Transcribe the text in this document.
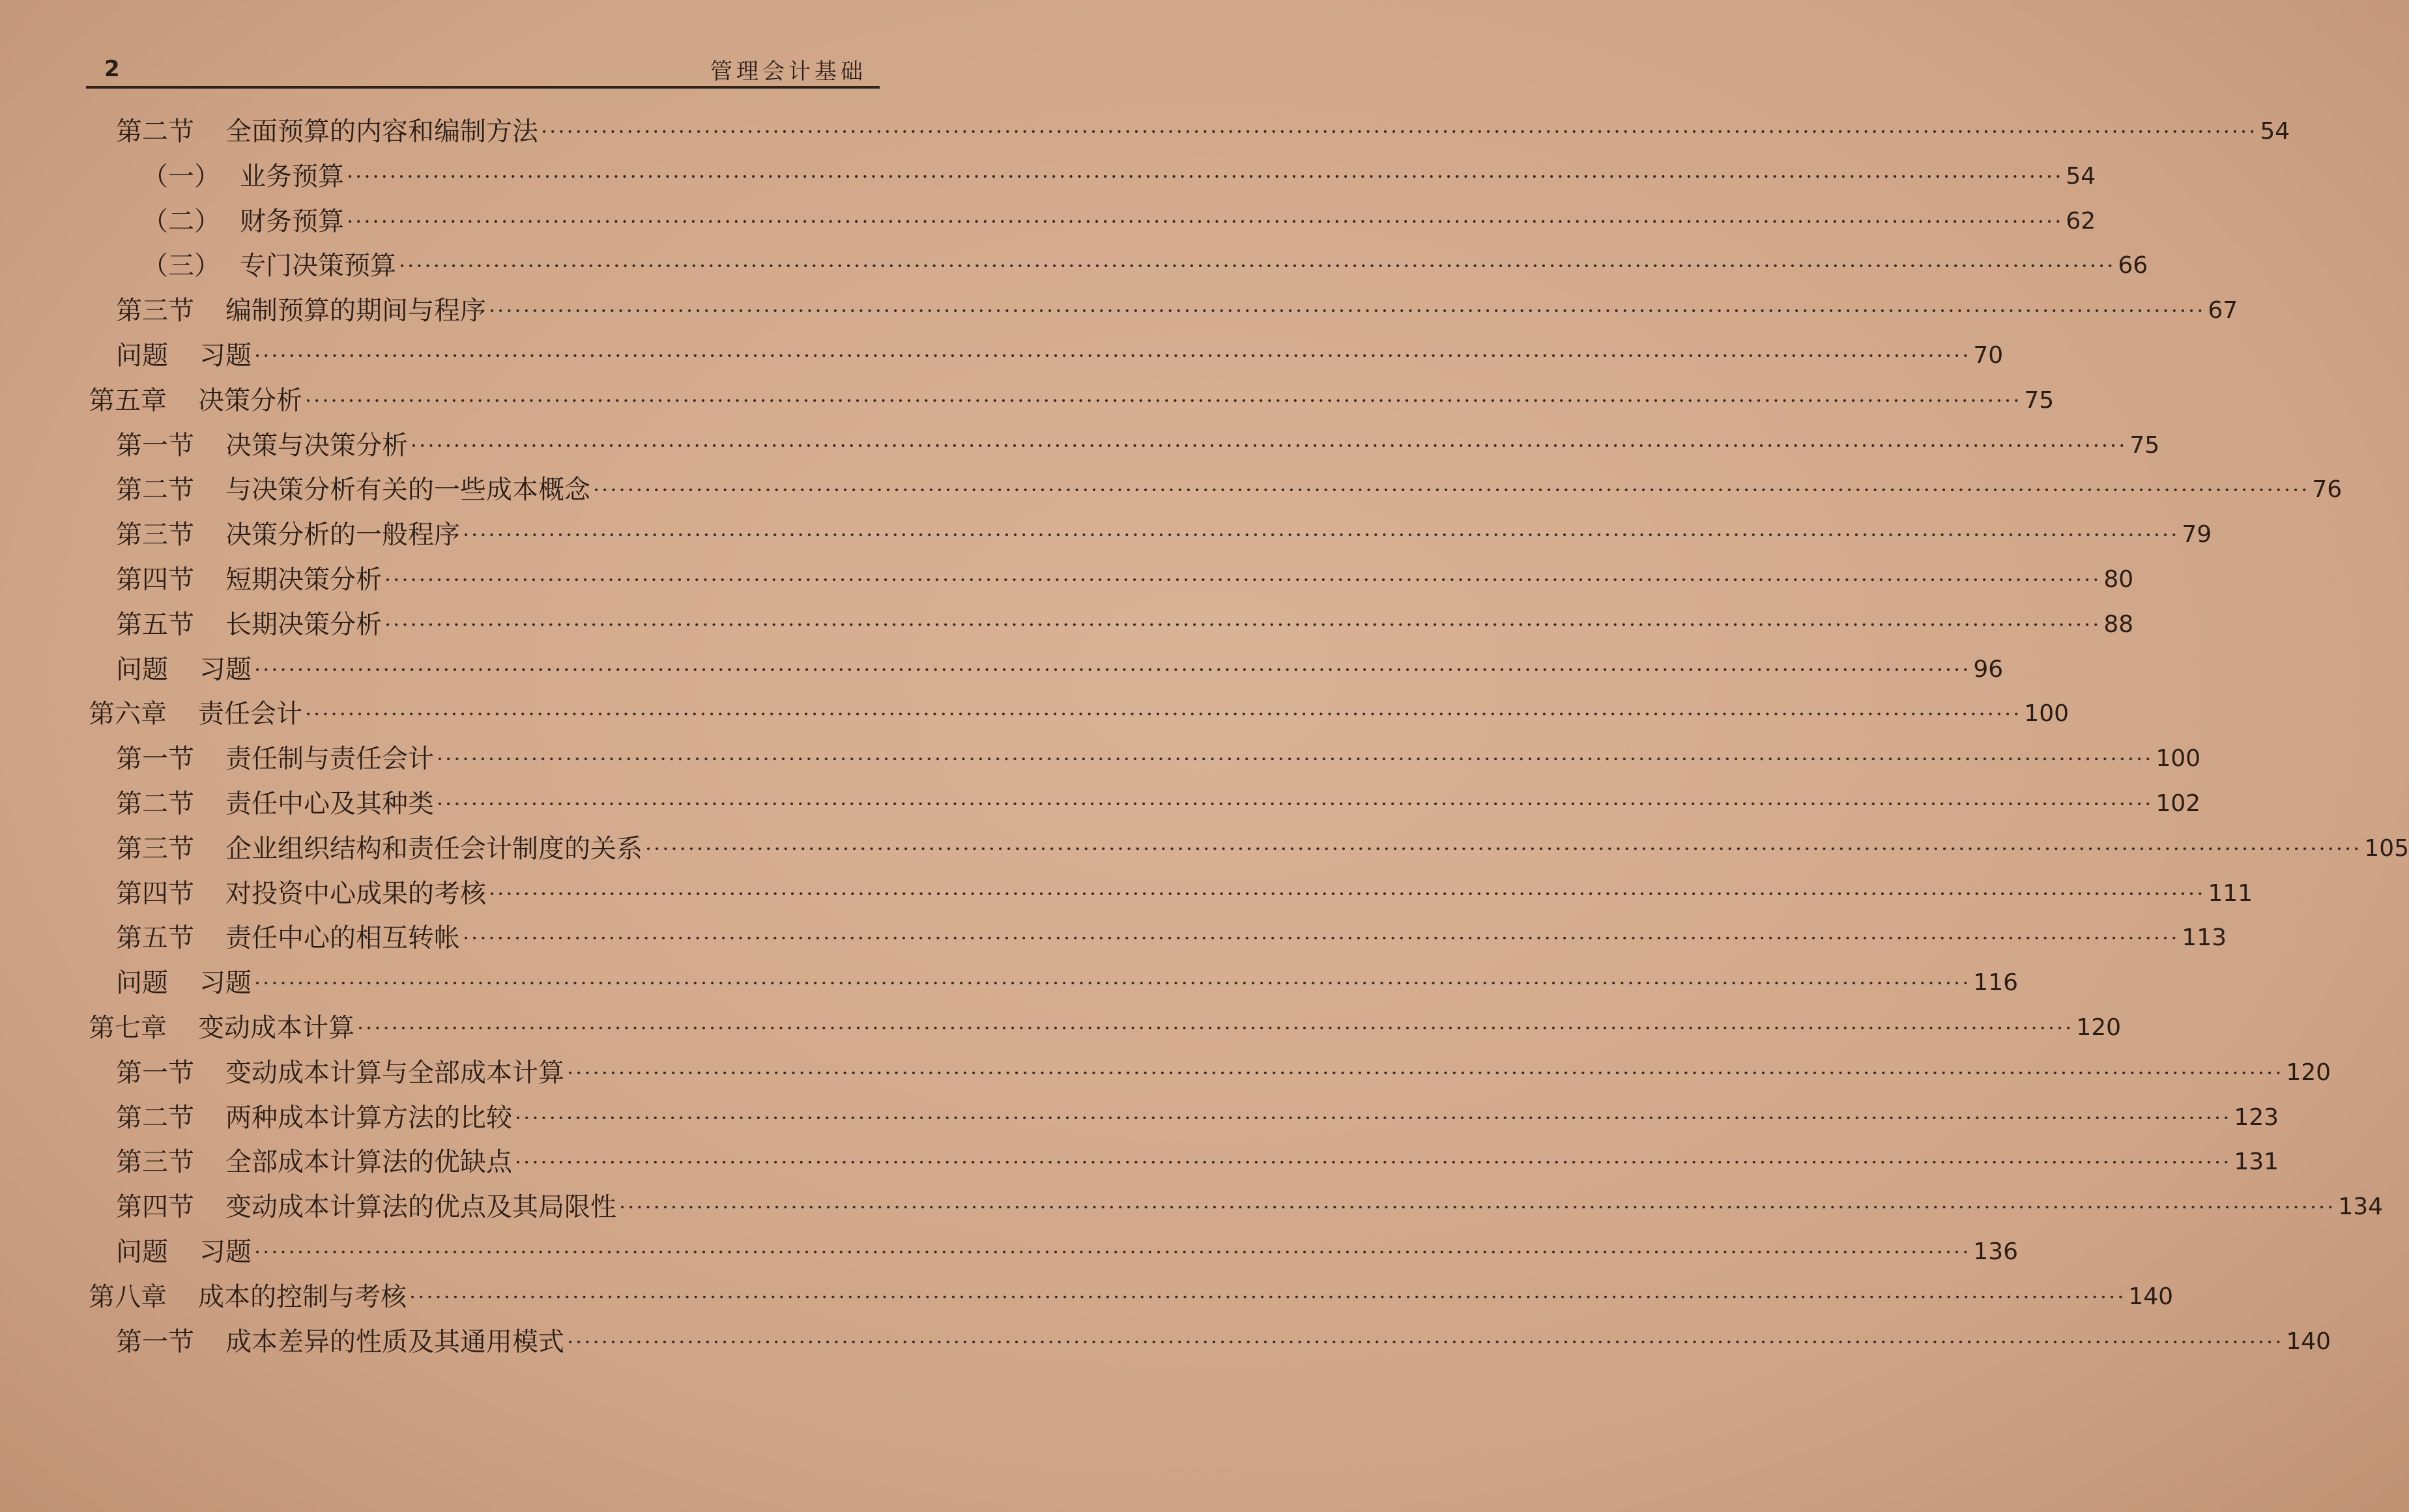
2	管理会计基础
第二节 全面预算的内容和编制方法 ········································································································································································································ 54
（一） 业务预算 ········································································································································································································ 54
（二） 财务预算 ········································································································································································································ 62
（三） 专门决策预算 ········································································································································································································ 66
第三节 编制预算的期间与程序 ········································································································································································································ 67
问题 习题 ········································································································································································································ 70
第五章 决策分析 ········································································································································································································ 75
第一节 决策与决策分析 ········································································································································································································ 75
第二节 与决策分析有关的一些成本概念 ········································································································································································································ 76
第三节 决策分析的一般程序 ········································································································································································································ 79
第四节 短期决策分析 ········································································································································································································ 80
第五节 长期决策分析 ········································································································································································································ 88
问题 习题 ········································································································································································································ 96
第六章 责任会计 ········································································································································································································ 100
第一节 责任制与责任会计 ········································································································································································································ 100
第二节 责任中心及其种类 ········································································································································································································ 102
第三节 企业组织结构和责任会计制度的关系 ········································································································································································································ 105
第四节 对投资中心成果的考核 ········································································································································································································ 111
第五节 责任中心的相互转帐 ········································································································································································································ 113
问题 习题 ········································································································································································································ 116
第七章 变动成本计算 ········································································································································································································ 120
第一节 变动成本计算与全部成本计算 ········································································································································································································ 120
第二节 两种成本计算方法的比较 ········································································································································································································ 123
第三节 全部成本计算法的优缺点 ········································································································································································································ 131
第四节 变动成本计算法的优点及其局限性 ········································································································································································································ 134
问题 习题 ········································································································································································································ 136
第八章 成本的控制与考核 ········································································································································································································ 140
第一节 成本差异的性质及其通用模式 ········································································································································································································ 140
